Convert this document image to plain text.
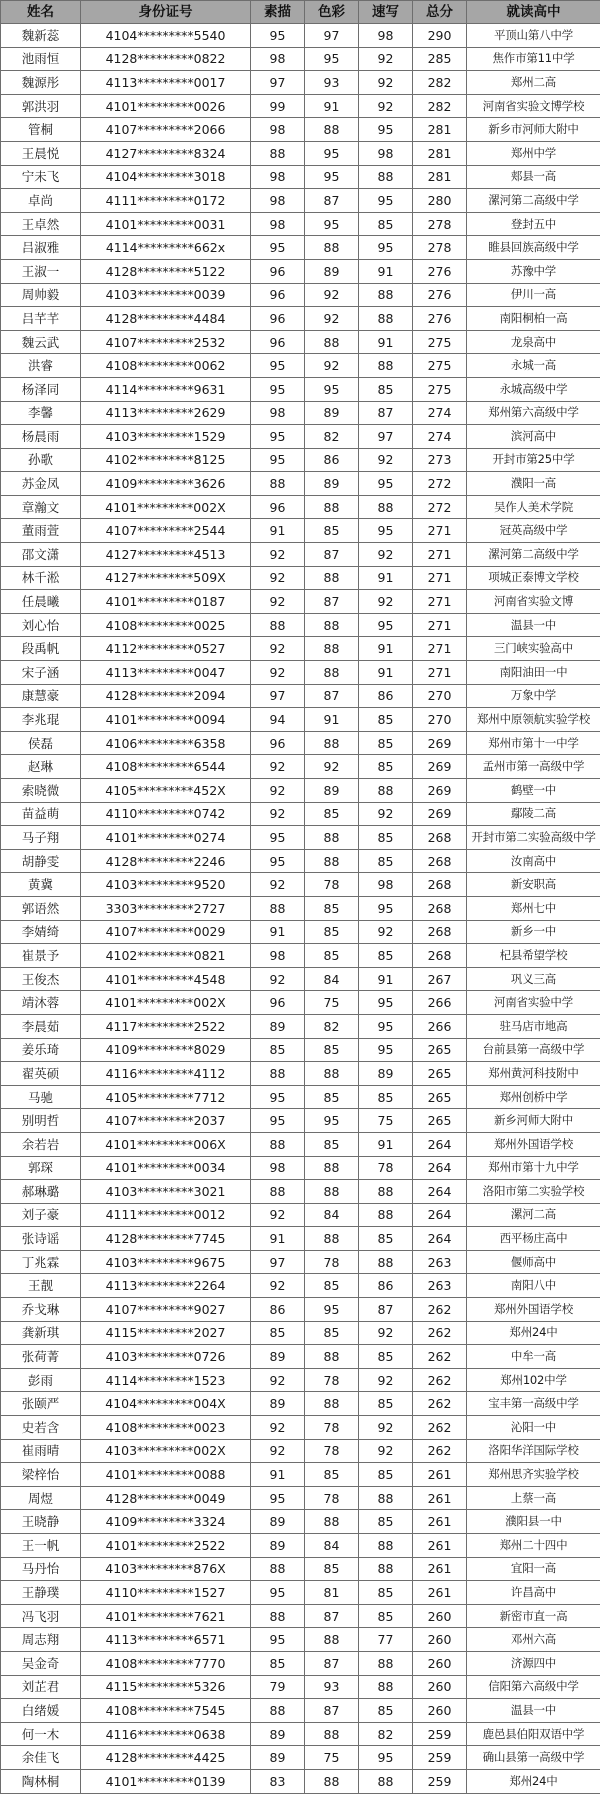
姓名	身份证号	素描	色彩	速写	总分	就读高中
魏新蕊	4104*********5540	95	97	98	290	平顶山第八中学
池雨恒	4128*********0822	98	95	92	285	焦作市第11中学
魏源彤	4113*********0017	97	93	92	282	郑州二高
郭洪羽	4101*********0026	99	91	92	282	河南省实验文博学校
管桐	4107*********2066	98	88	95	281	新乡市河师大附中
王晨悦	4127*********8324	88	95	98	281	郑州中学
宁未飞	4104*********3018	98	95	88	281	郏县一高
卓尚	4111*********0172	98	87	95	280	漯河第二高级中学
王卓然	4101*********0031	98	95	85	278	登封五中
吕淑雅	4114*********662x	95	88	95	278	睢县回族高级中学
王淑一	4128*********5122	96	89	91	276	苏豫中学
周帅毅	4103*********0039	96	92	88	276	伊川一高
吕芊芊	4128*********4484	96	92	88	276	南阳桐柏一高
魏云武	4107*********2532	96	88	91	275	龙泉高中
洪睿	4108*********0062	95	92	88	275	永城一高
杨泽同	4114*********9631	95	95	85	275	永城高级中学
李馨	4113*********2629	98	89	87	274	郑州第六高级中学
杨晨雨	4103*********1529	95	82	97	274	滨河高中
孙歌	4102*********8125	95	86	92	273	开封市第25中学
苏金凤	4109*********3626	88	89	95	272	濮阳一高
章瀚文	4101*********002X	96	88	88	272	吴作人美术学院
董雨萱	4107*********2544	91	85	95	271	冠英高级中学
邵文潇	4127*********4513	92	87	92	271	漯河第二高级中学
林千淞	4127*********509X	92	88	91	271	项城正泰博文学校
任晨曦	4101*********0187	92	87	92	271	河南省实验文博
刘心怡	4108*********0025	88	88	95	271	温县一中
段禹帆	4112*********0527	92	88	91	271	三门峡实验高中
宋子涵	4113*********0047	92	88	91	271	南阳油田一中
康慧豪	4128*********2094	97	87	86	270	万象中学
李兆琨	4101*********0094	94	91	85	270	郑州中原领航实验学校
侯磊	4106*********6358	96	88	85	269	郑州市第十一中学
赵琳	4108*********6544	92	92	85	269	孟州市第一高级中学
索晓微	4105*********452X	92	89	88	269	鹤壁一中
苗益萌	4110*********0742	92	85	92	269	鄢陵二高
马子翔	4101*********0274	95	88	85	268	开封市第二实验高级中学
胡静雯	4128*********2246	95	88	85	268	汝南高中
黄冀	4103*********9520	92	78	98	268	新安职高
郭语然	3303*********2727	88	85	95	268	郑州七中
李婧绮	4107*********0029	91	85	92	268	新乡一中
崔景予	4102*********0821	98	85	85	268	杞县希望学校
王俊杰	4101*********4548	92	84	91	267	巩义三高
靖沐蓉	4101*********002X	96	75	95	266	河南省实验中学
李晨茹	4117*********2522	89	82	95	266	驻马店市地高
姜乐琦	4109*********8029	85	85	95	265	台前县第一高级中学
翟英硕	4116*********4112	88	88	89	265	郑州黄河科技附中
马驰	4105*********7712	95	85	85	265	郑州创桥中学
别明哲	4107*********2037	95	95	75	265	新乡河师大附中
余若岩	4101*********006X	88	85	91	264	郑州外国语学校
郭琛	4101*********0034	98	88	78	264	郑州市第十九中学
郝琳璐	4103*********3021	88	88	88	264	洛阳市第二实验学校
刘子豪	4111*********0012	92	84	88	264	漯河二高
张诗谣	4128*********7745	91	88	85	264	西平杨庄高中
丁兆霖	4103*********9675	97	78	88	263	偃师高中
王靓	4113*********2264	92	85	86	263	南阳八中
乔戈琳	4107*********9027	86	95	87	262	郑州外国语学校
龚新琪	4115*********2027	85	85	92	262	郑州24中
张荷菁	4103*********0726	89	88	85	262	中牟一高
彭雨	4114*********1523	92	78	92	262	郑州102中学
张颐严	4104*********004X	89	88	85	262	宝丰第一高级中学
史若含	4108*********0023	92	78	92	262	沁阳一中
崔雨晴	4103*********002X	92	78	92	262	洛阳华洋国际学校
梁梓怡	4101*********0088	91	85	85	261	郑州思齐实验学校
周煜	4128*********0049	95	78	88	261	上蔡一高
王晓静	4109*********3324	89	88	85	261	濮阳县一中
王一帆	4101*********2522	89	84	88	261	郑州二十四中
马丹怡	4103*********876X	88	85	88	261	宜阳一高
王静璞	4110*********1527	95	81	85	261	许昌高中
冯飞羽	4101*********7621	88	87	85	260	新密市直一高
周志翔	4113*********6571	95	88	77	260	邓州六高
吴金奇	4108*********7770	85	87	88	260	济源四中
刘芷君	4115*********5326	79	93	88	260	信阳第六高级中学
白绪媛	4108*********7545	88	87	85	260	温县一中
何一木	4116*********0638	89	88	82	259	鹿邑县伯阳双语中学
余佳飞	4128*********4425	89	75	95	259	确山县第一高级中学
陶林桐	4101*********0139	83	88	88	259	郑州24中
